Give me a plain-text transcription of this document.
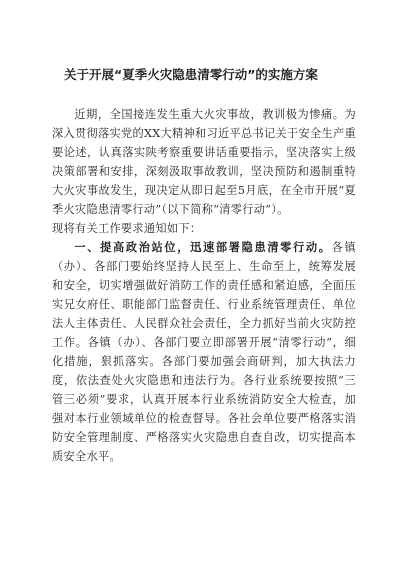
关于开展“夏季火灾隐患清零行动”的实施方案

近期，全国接连发生重大火灾事故，教训极为惨痛。为深入贯彻落实党的XX大精神和习近平总书记关于安全生产重要论述，认真落实陕考察重要讲话重要指示，坚决落实上级决策部署和安排，深刻汲取事故教训，坚决预防和遏制重特大火灾事故发生，现决定从即日起至5月底，在全市开展“夏季火灾隐患清零行动”（以下简称“清零行动”）。

现将有关工作要求通知如下：

一、提高政治站位，迅速部署隐患清零行动。各镇（办）、各部门要始终坚持人民至上、生命至上，统筹发展和安全，切实增强做好消防工作的责任感和紧迫感，全面压实兄女府任、职能部门监督责任、行业系统管理责任、单位法人主体责任、人民群众社会责任，全力抓好当前火灾防控工作。各镇（办）、各部门要立即部署开展“清零行动”，细化措施，狠抓落实。各部门要加强会商研判，加大执法力度，依法查处火灾隐患和违法行为。各行业系统要按照“三管三必须”要求，认真开展本行业系统消防安全大检查，加强对本行业领域单位的检查督导。各社会单位要严格落实消防安全管理制度、严格落实火灾隐患自查自改，切实提高本质安全水平。
